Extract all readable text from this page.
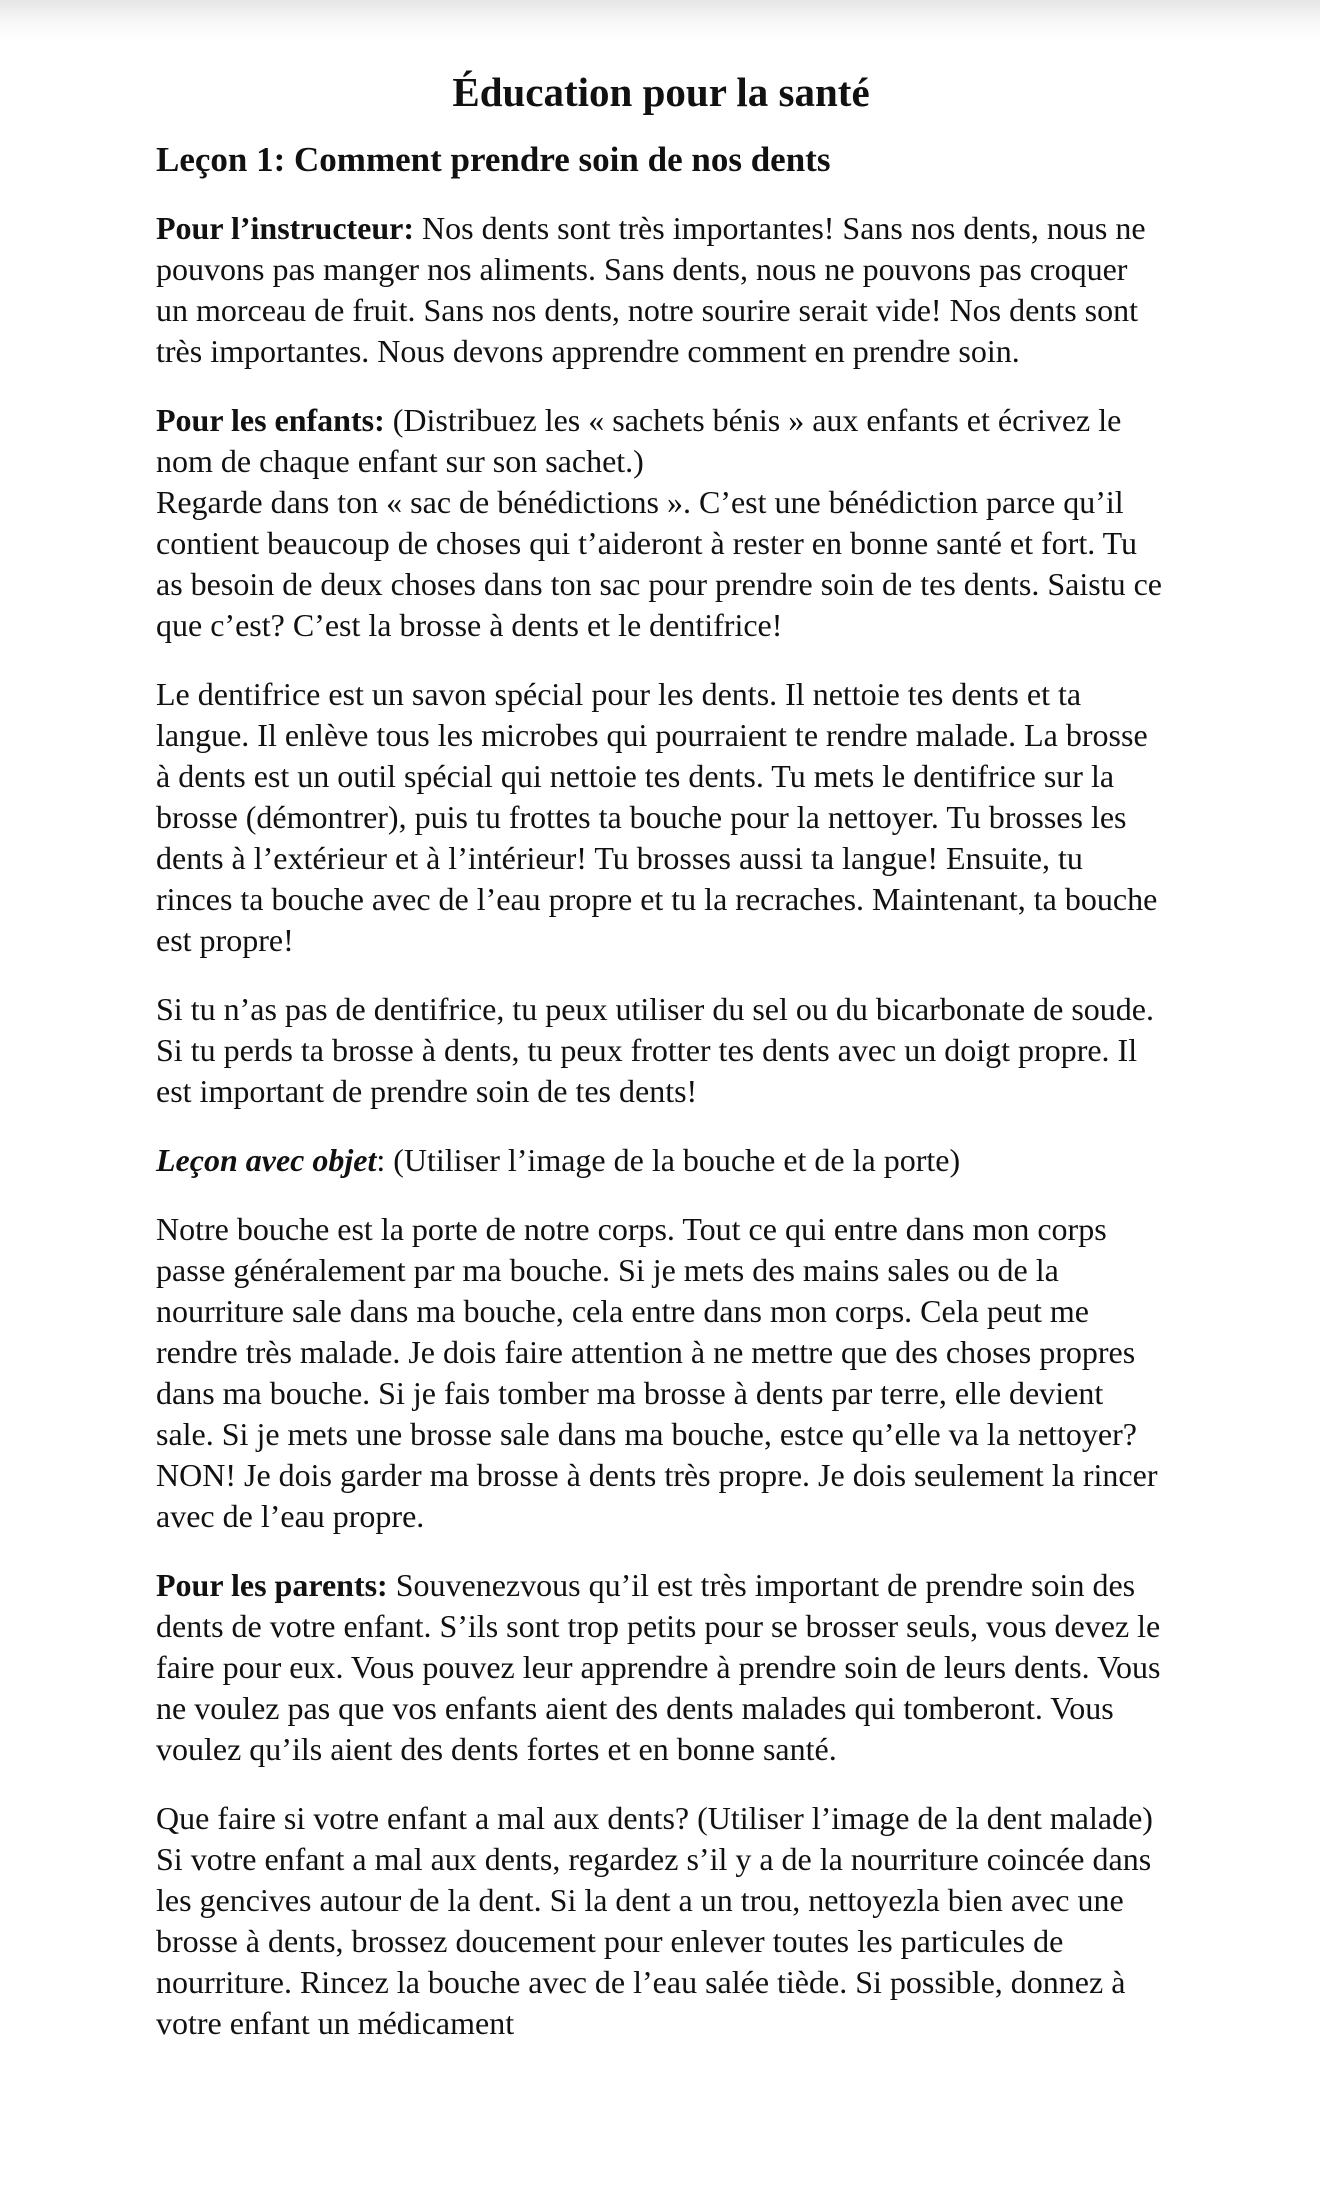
Éducation pour la santé
Leçon 1: Comment prendre soin de nos dents

Pour l’instructeur: Nos dents sont très importantes! Sans nos dents, nous ne pouvons pas manger nos aliments. Sans dents, nous ne pouvons pas croquer un morceau de fruit. Sans nos dents, notre sourire serait vide! Nos dents sont très importantes. Nous devons apprendre comment en prendre soin.

Pour les enfants: (Distribuez les « sachets bénis » aux enfants et écrivez le nom de chaque enfant sur son sachet.)

Regarde dans ton « sac de bénédictions ». C’est une bénédiction parce qu’il contient beaucoup de choses qui t’aideront à rester en bonne santé et fort. Tu as besoin de deux choses dans ton sac pour prendre soin de tes dents. Saistu ce que c’est? C’est la brosse à dents et le dentifrice!

Le dentifrice est un savon spécial pour les dents. Il nettoie tes dents et ta langue. Il enlève tous les microbes qui pourraient te rendre malade. La brosse à dents est un outil spécial qui nettoie tes dents. Tu mets le dentifrice sur la brosse (démontrer), puis tu frottes ta bouche pour la nettoyer. Tu brosses les dents à l’extérieur et à l’intérieur! Tu brosses aussi ta langue! Ensuite, tu rinces ta bouche avec de l’eau propre et tu la recraches. Maintenant, ta bouche est propre!

Si tu n’as pas de dentifrice, tu peux utiliser du sel ou du bicarbonate de soude. Si tu perds ta brosse à dents, tu peux frotter tes dents avec un doigt propre. Il est important de prendre soin de tes dents!

Leçon avec objet: (Utiliser l’image de la bouche et de la porte)

Notre bouche est la porte de notre corps. Tout ce qui entre dans mon corps passe généralement par ma bouche. Si je mets des mains sales ou de la nourriture sale dans ma bouche, cela entre dans mon corps. Cela peut me rendre très malade. Je dois faire attention à ne mettre que des choses propres dans ma bouche. Si je fais tomber ma brosse à dents par terre, elle devient sale. Si je mets une brosse sale dans ma bouche, estce qu’elle va la nettoyer? NON! Je dois garder ma brosse à dents très propre. Je dois seulement la rincer avec de l’eau propre.

Pour les parents: Souvenezvous qu’il est très important de prendre soin des dents de votre enfant. S’ils sont trop petits pour se brosser seuls, vous devez le faire pour eux. Vous pouvez leur apprendre à prendre soin de leurs dents. Vous ne voulez pas que vos enfants aient des dents malades qui tomberont. Vous voulez qu’ils aient des dents fortes et en bonne santé.

Que faire si votre enfant a mal aux dents? (Utiliser l’image de la dent malade)

Si votre enfant a mal aux dents, regardez s’il y a de la nourriture coincée dans les gencives autour de la dent. Si la dent a un trou, nettoyezla bien avec une brosse à dents, brossez doucement pour enlever toutes les particules de nourriture. Rincez la bouche avec de l’eau salée tiède. Si possible, donnez à votre enfant un médicament
